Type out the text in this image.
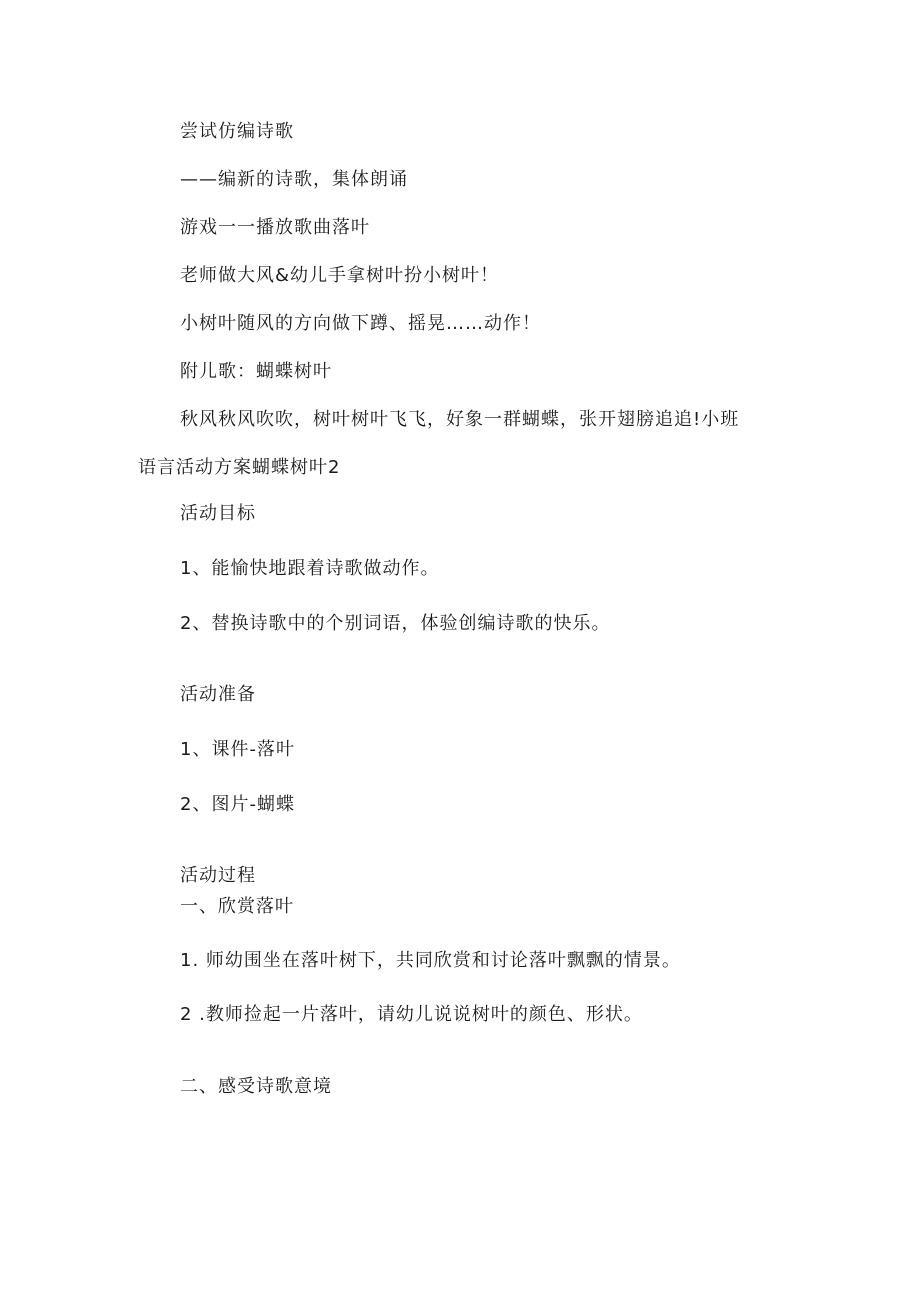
尝试仿编诗歌
——编新的诗歌，集体朗诵
游戏一一播放歌曲落叶
老师做大风&幼儿手拿树叶扮小树叶！
小树叶随风的方向做下蹲、摇晃……动作！
附儿歌：蝴蝶树叶
秋风秋风吹吹，树叶树叶飞飞，好象一群蝴蝶，张开翅膀追追!小班
语言活动方案蝴蝶树叶2
活动目标
1、能愉快地跟着诗歌做动作。
2、替换诗歌中的个别词语，体验创编诗歌的快乐。
活动准备
1、课件-落叶
2、图片-蝴蝶
活动过程
一、欣赏落叶
1. 师幼围坐在落叶树下，共同欣赏和讨论落叶飘飘的情景。
2 .教师捡起一片落叶，请幼儿说说树叶的颜色、形状。
二、感受诗歌意境
